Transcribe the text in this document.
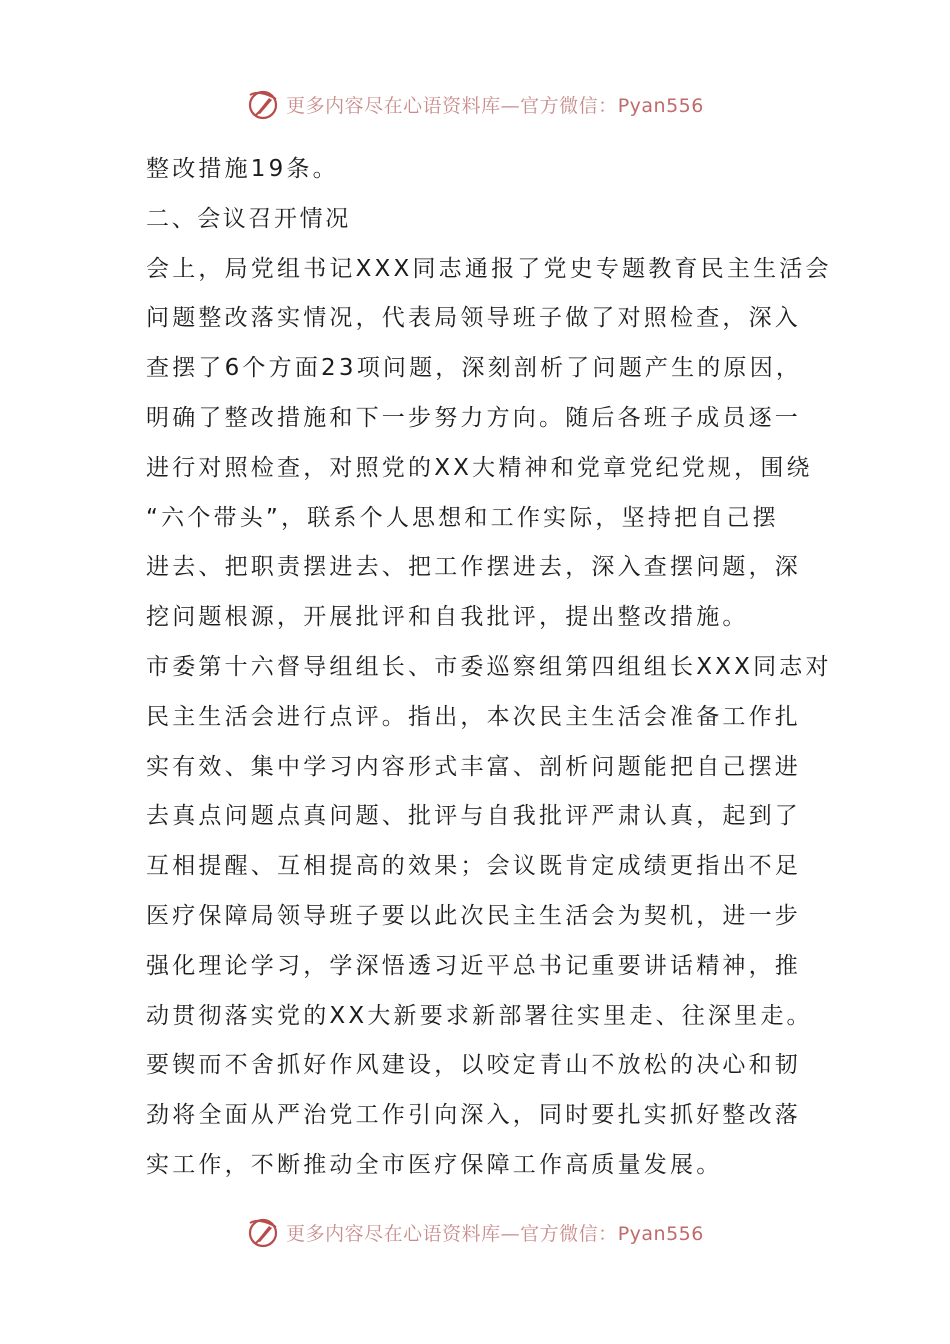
更多内容尽在心语资料库—官方微信：Pyan556
整改措施19条。
二、会议召开情况
会上，局党组书记XXX同志通报了党史专题教育民主生活会
问题整改落实情况，代表局领导班子做了对照检查，深入
查摆了6个方面23项问题，深刻剖析了问题产生的原因，
明确了整改措施和下一步努力方向。随后各班子成员逐一
进行对照检查，对照党的XX大精神和党章党纪党规，围绕
“六个带头”，联系个人思想和工作实际，坚持把自己摆
进去、把职责摆进去、把工作摆进去，深入查摆问题，深
挖问题根源，开展批评和自我批评，提出整改措施。
市委第十六督导组组长、市委巡察组第四组组长XXX同志对
民主生活会进行点评。指出，本次民主生活会准备工作扎
实有效、集中学习内容形式丰富、剖析问题能把自己摆进
去真点问题点真问题、批评与自我批评严肃认真，起到了
互相提醒、互相提高的效果；会议既肯定成绩更指出不足
医疗保障局领导班子要以此次民主生活会为契机，进一步
强化理论学习，学深悟透习近平总书记重要讲话精神，推
动贯彻落实党的XX大新要求新部署往实里走、往深里走。
要锲而不舍抓好作风建设，以咬定青山不放松的决心和韧
劲将全面从严治党工作引向深入，同时要扎实抓好整改落
实工作，不断推动全市医疗保障工作高质量发展。
更多内容尽在心语资料库—官方微信：Pyan556
